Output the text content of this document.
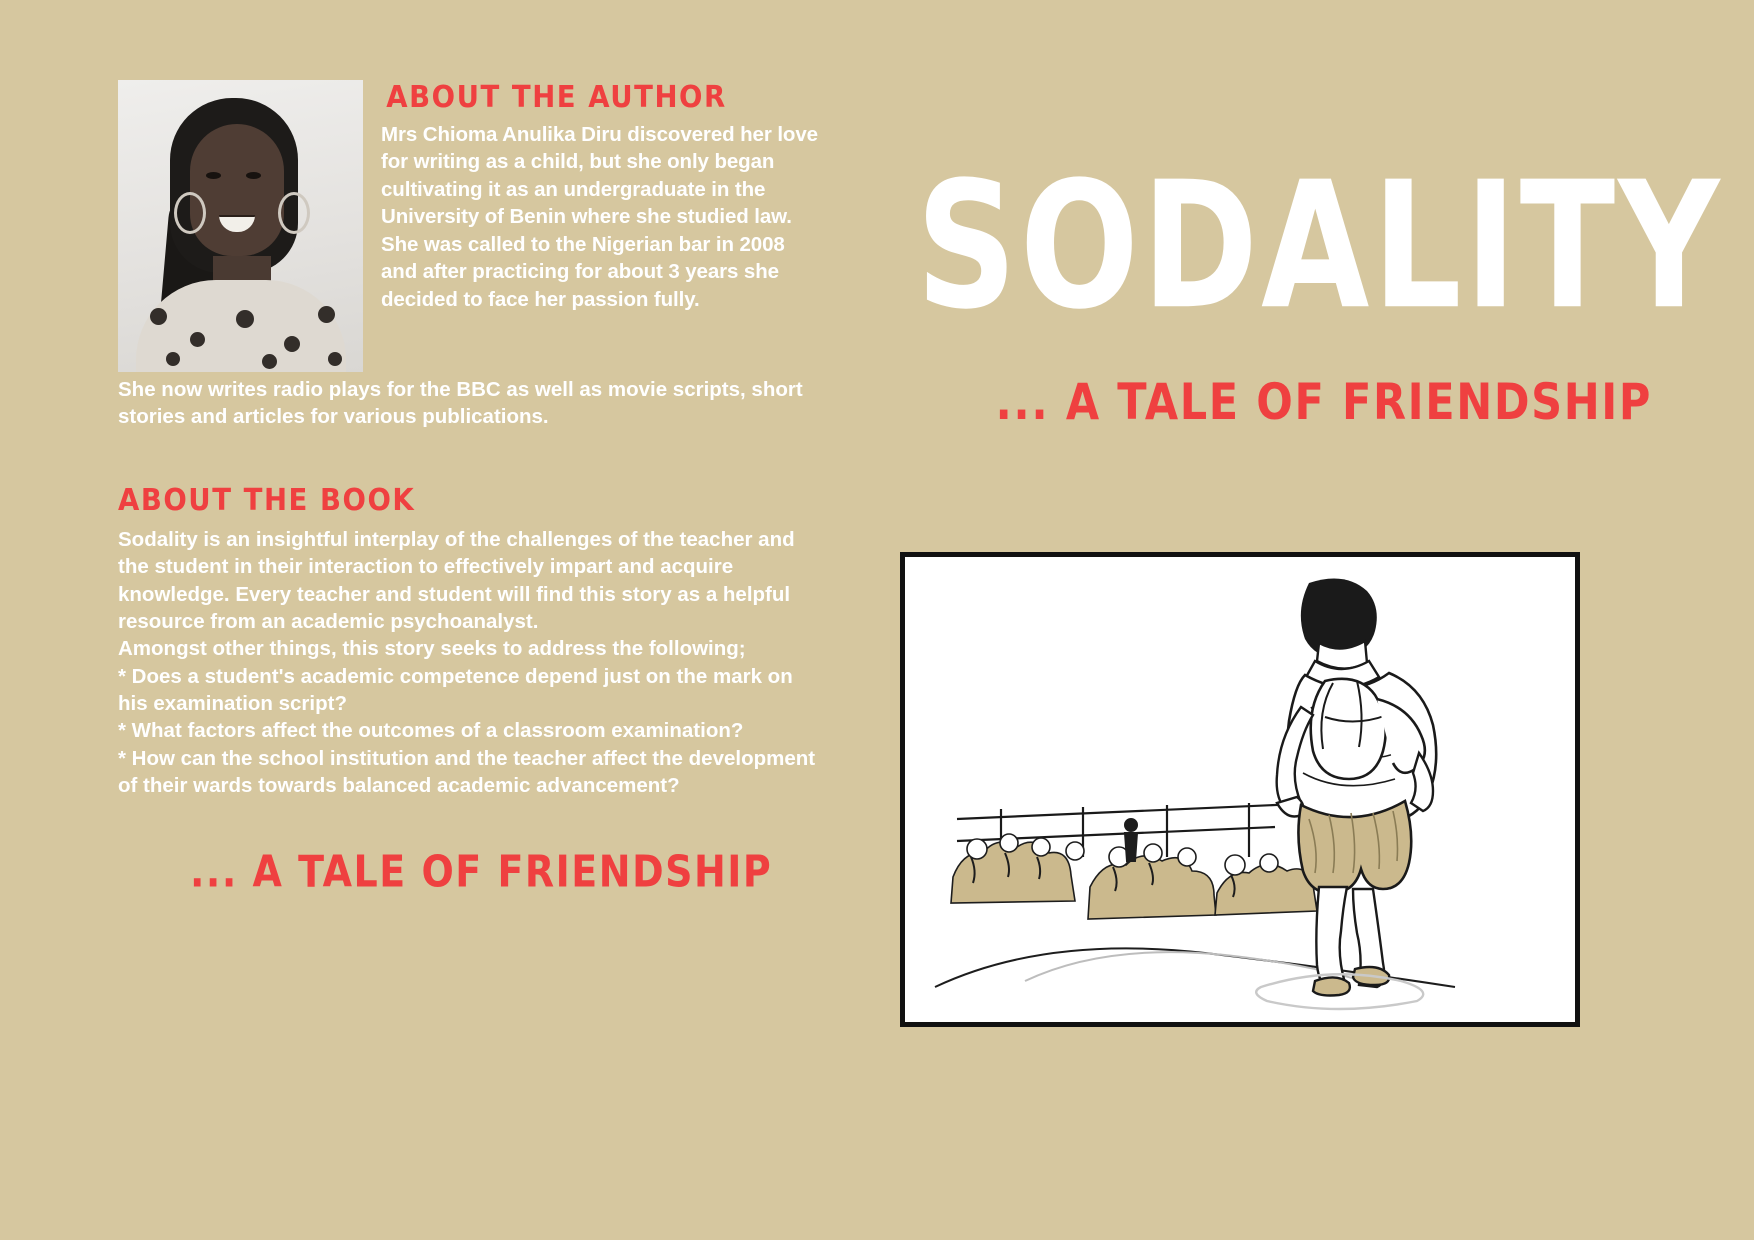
ABOUT THE AUTHOR

Mrs Chioma Anulika Diru discovered her love for writing as a child, but she only began cultivating it as an undergraduate in the University of Benin where she studied law. She was called to the Nigerian bar in 2008 and after practicing for about 3 years she decided to face her passion fully.

She now writes radio plays for the BBC as well as movie scripts, short stories and articles for various publications.
ABOUT THE BOOK

Sodality is an insightful interplay of the challenges of the teacher and the student in their interaction to effectively impart and acquire knowledge. Every teacher and student will find this story as a helpful resource from an academic psychoanalyst.

Amongst other things, this story seeks to address the following;

* Does a student's academic competence depend just on the mark on his examination script?

* What factors affect the outcomes of a classroom examination?

* How can the school institution and the teacher affect the development of their wards towards balanced academic advancement?

... A TALE OF FRIENDSHIP
SODALITY
... A TALE OF FRIENDSHIP
